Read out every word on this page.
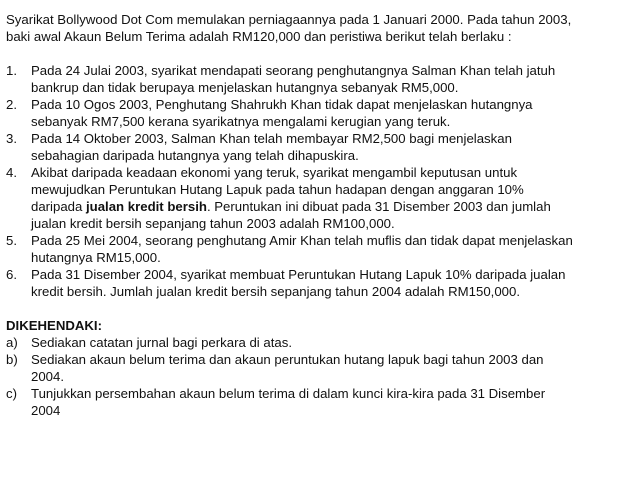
Syarikat Bollywood Dot Com memulakan perniagaannya pada 1 Januari 2000. Pada tahun 2003,

baki awal Akaun Belum Terima adalah RM120,000 dan peristiwa berikut telah berlaku :

1. Pada 24 Julai 2003, syarikat mendapati seorang penghutangnya Salman Khan telah jatuh
bankrup dan tidak berupaya menjelaskan hutangnya sebanyak RM5,000.
2. Pada 10 Ogos 2003, Penghutang Shahrukh Khan tidak dapat menjelaskan hutangnya
sebanyak RM7,500 kerana syarikatnya mengalami kerugian yang teruk.
3. Pada 14 Oktober 2003, Salman Khan telah membayar RM2,500 bagi menjelaskan
sebahagian daripada hutangnya yang telah dihapuskira.
4. Akibat daripada keadaan ekonomi yang teruk, syarikat mengambil keputusan untuk
mewujudkan Peruntukan Hutang Lapuk pada tahun hadapan dengan anggaran 10%
daripada jualan kredit bersih. Peruntukan ini dibuat pada 31 Disember 2003 dan jumlah
jualan kredit bersih sepanjang tahun 2003 adalah RM100,000.
5. Pada 25 Mei 2004, seorang penghutang Amir Khan telah muflis dan tidak dapat menjelaskan
hutangnya RM15,000.
6. Pada 31 Disember 2004, syarikat membuat Peruntukan Hutang Lapuk 10% daripada jualan
kredit bersih. Jumlah jualan kredit bersih sepanjang tahun 2004 adalah RM150,000.

DIKEHENDAKI:

a) Sediakan catatan jurnal bagi perkara di atas.
b) Sediakan akaun belum terima dan akaun peruntukan hutang lapuk bagi tahun 2003 dan
2004.
c) Tunjukkan persembahan akaun belum terima di dalam kunci kira-kira pada 31 Disember
2004
